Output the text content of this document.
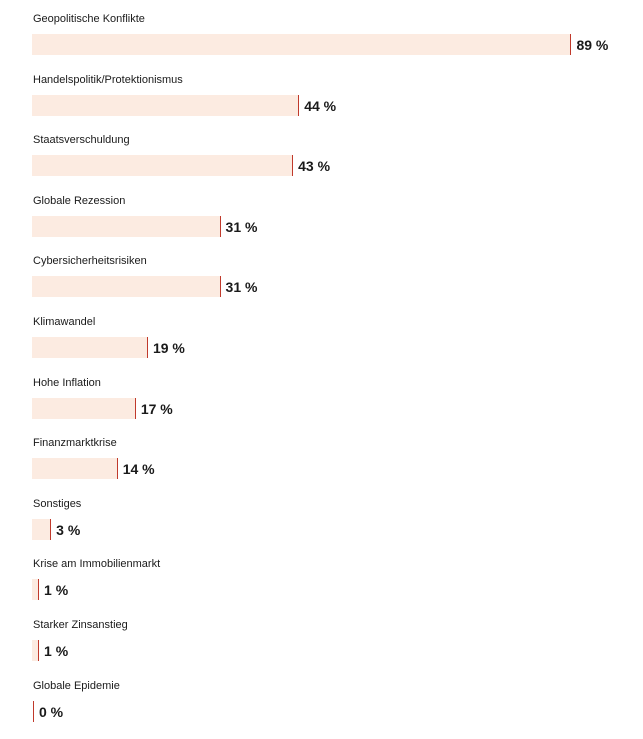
Geopolitische Konflikte
89 %
Handelspolitik/Protektionismus
44 %
Staatsverschuldung
43 %
Globale Rezession
31 %
Cybersicherheitsrisiken
31 %
Klimawandel
19 %
Hohe Inflation
17 %
Finanzmarktkrise
14 %
Sonstiges
3 %
Krise am Immobilienmarkt
1 %
Starker Zinsanstieg
1 %
Globale Epidemie
0 %
